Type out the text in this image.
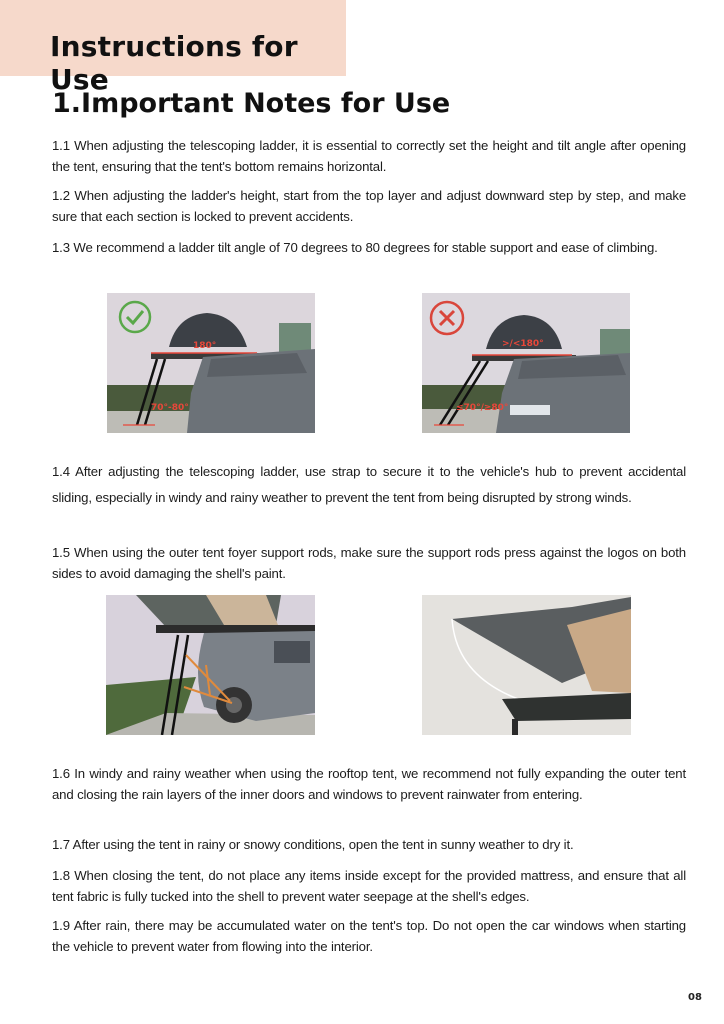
Instructions for Use
1.Important Notes for Use

1.1 When adjusting the telescoping ladder, it is essential to correctly set the height and tilt angle after opening the tent, ensuring that the tent's bottom remains horizontal.

1.2 When adjusting the ladder's height, start from the top layer and adjust downward step by step, and make sure that each section is locked to prevent accidents.

1.3 We recommend a ladder tilt angle of 70 degrees to 80 degrees for stable support and ease of climbing.

180°
70°-80°
>/<180°
≤70°/≥80°

1.4 After adjusting the telescoping ladder, use strap to secure it to the vehicle's hub to prevent accidental sliding, especially in windy and rainy weather to prevent the tent from being disrupted by strong winds.

1.5 When using the outer tent foyer support rods, make sure the support rods press against the logos on both sides to avoid damaging the shell's paint.

1.6 In windy and rainy weather when using the rooftop tent, we recommend not fully expanding the outer tent and closing the rain layers of the inner doors and windows to prevent rainwater from entering.

1.7 After using the tent in rainy or snowy conditions, open the tent in sunny weather to dry it.

1.8 When closing the tent, do not place any items inside except for the provided mattress, and ensure that all tent fabric is fully tucked into the shell to prevent water seepage at the shell's edges.

1.9 After rain, there may be accumulated water on the tent's top. Do not open the car windows when starting the vehicle to prevent water from flowing into the interior.

08
